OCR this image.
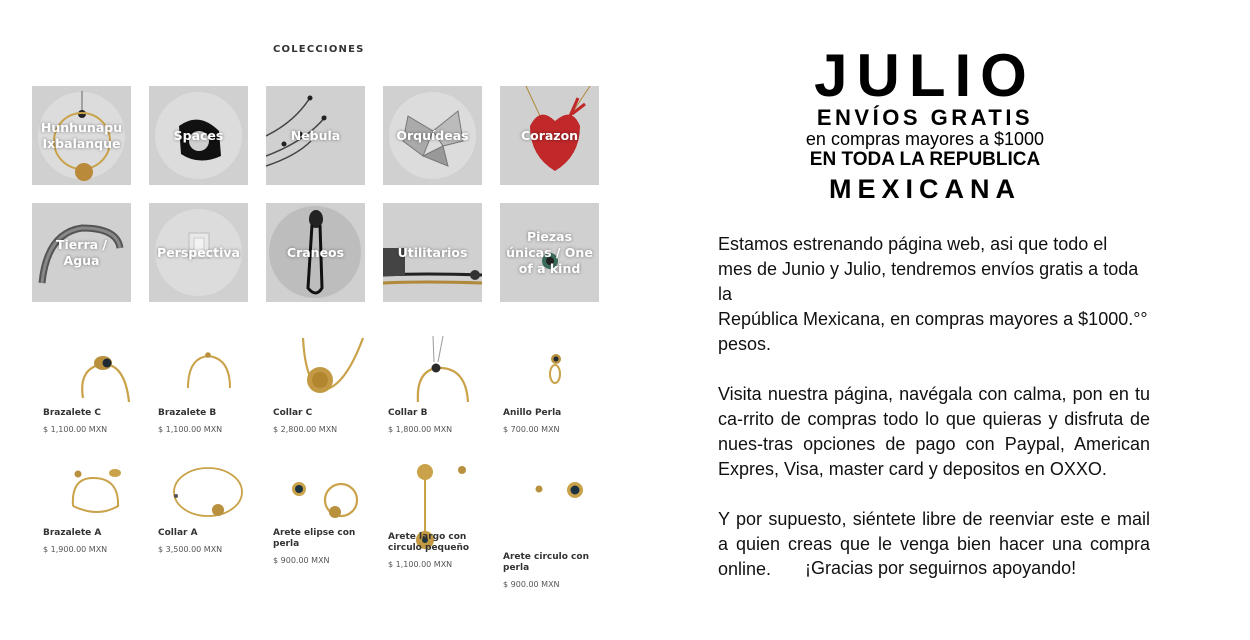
COLECCIONES
Hunhunapu Ixbalanque
Spaces	Nebula	Orquídeas	Corazon
Tierra / Agua
Perspectiva	Craneos	Utilitarios
Piezas únicas / One of a kind
Brazalete C
$ 1,100.00 MXN
Brazalete B
$ 1,100.00 MXN
Collar C
$ 2,800.00 MXN
Collar B
$ 1,800.00 MXN
Anillo Perla
$ 700.00 MXN
Brazalete A
$ 1,900.00 MXN
Collar A
$ 3,500.00 MXN
Arete elipse con perla
$ 900.00 MXN
Arete largo con circulo pequeño
$ 1,100.00 MXN
Arete circulo con perla
$ 900.00 MXN
JULIO
ENVÍOS GRATIS
en compras mayores a $1000
EN TODA LA REPUBLICA
MEXICANA

Estamos estrenando página web, asi que todo el
mes de Junio y Julio, tendremos envíos gratis a toda la
República Mexicana, en compras mayores a $1000.°°
pesos.

Visita nuestra página, navégala con calma, pon en tu ca-rrito de compras todo lo que quieras y disfruta de nues-tras opciones de pago con Paypal, American Expres, Visa, master card y depositos en OXXO.

Y por supuesto, siéntete libre de reenviar este e mail a quien creas que le venga bien hacer una compra online.	¡Gracias por seguirnos apoyando!
